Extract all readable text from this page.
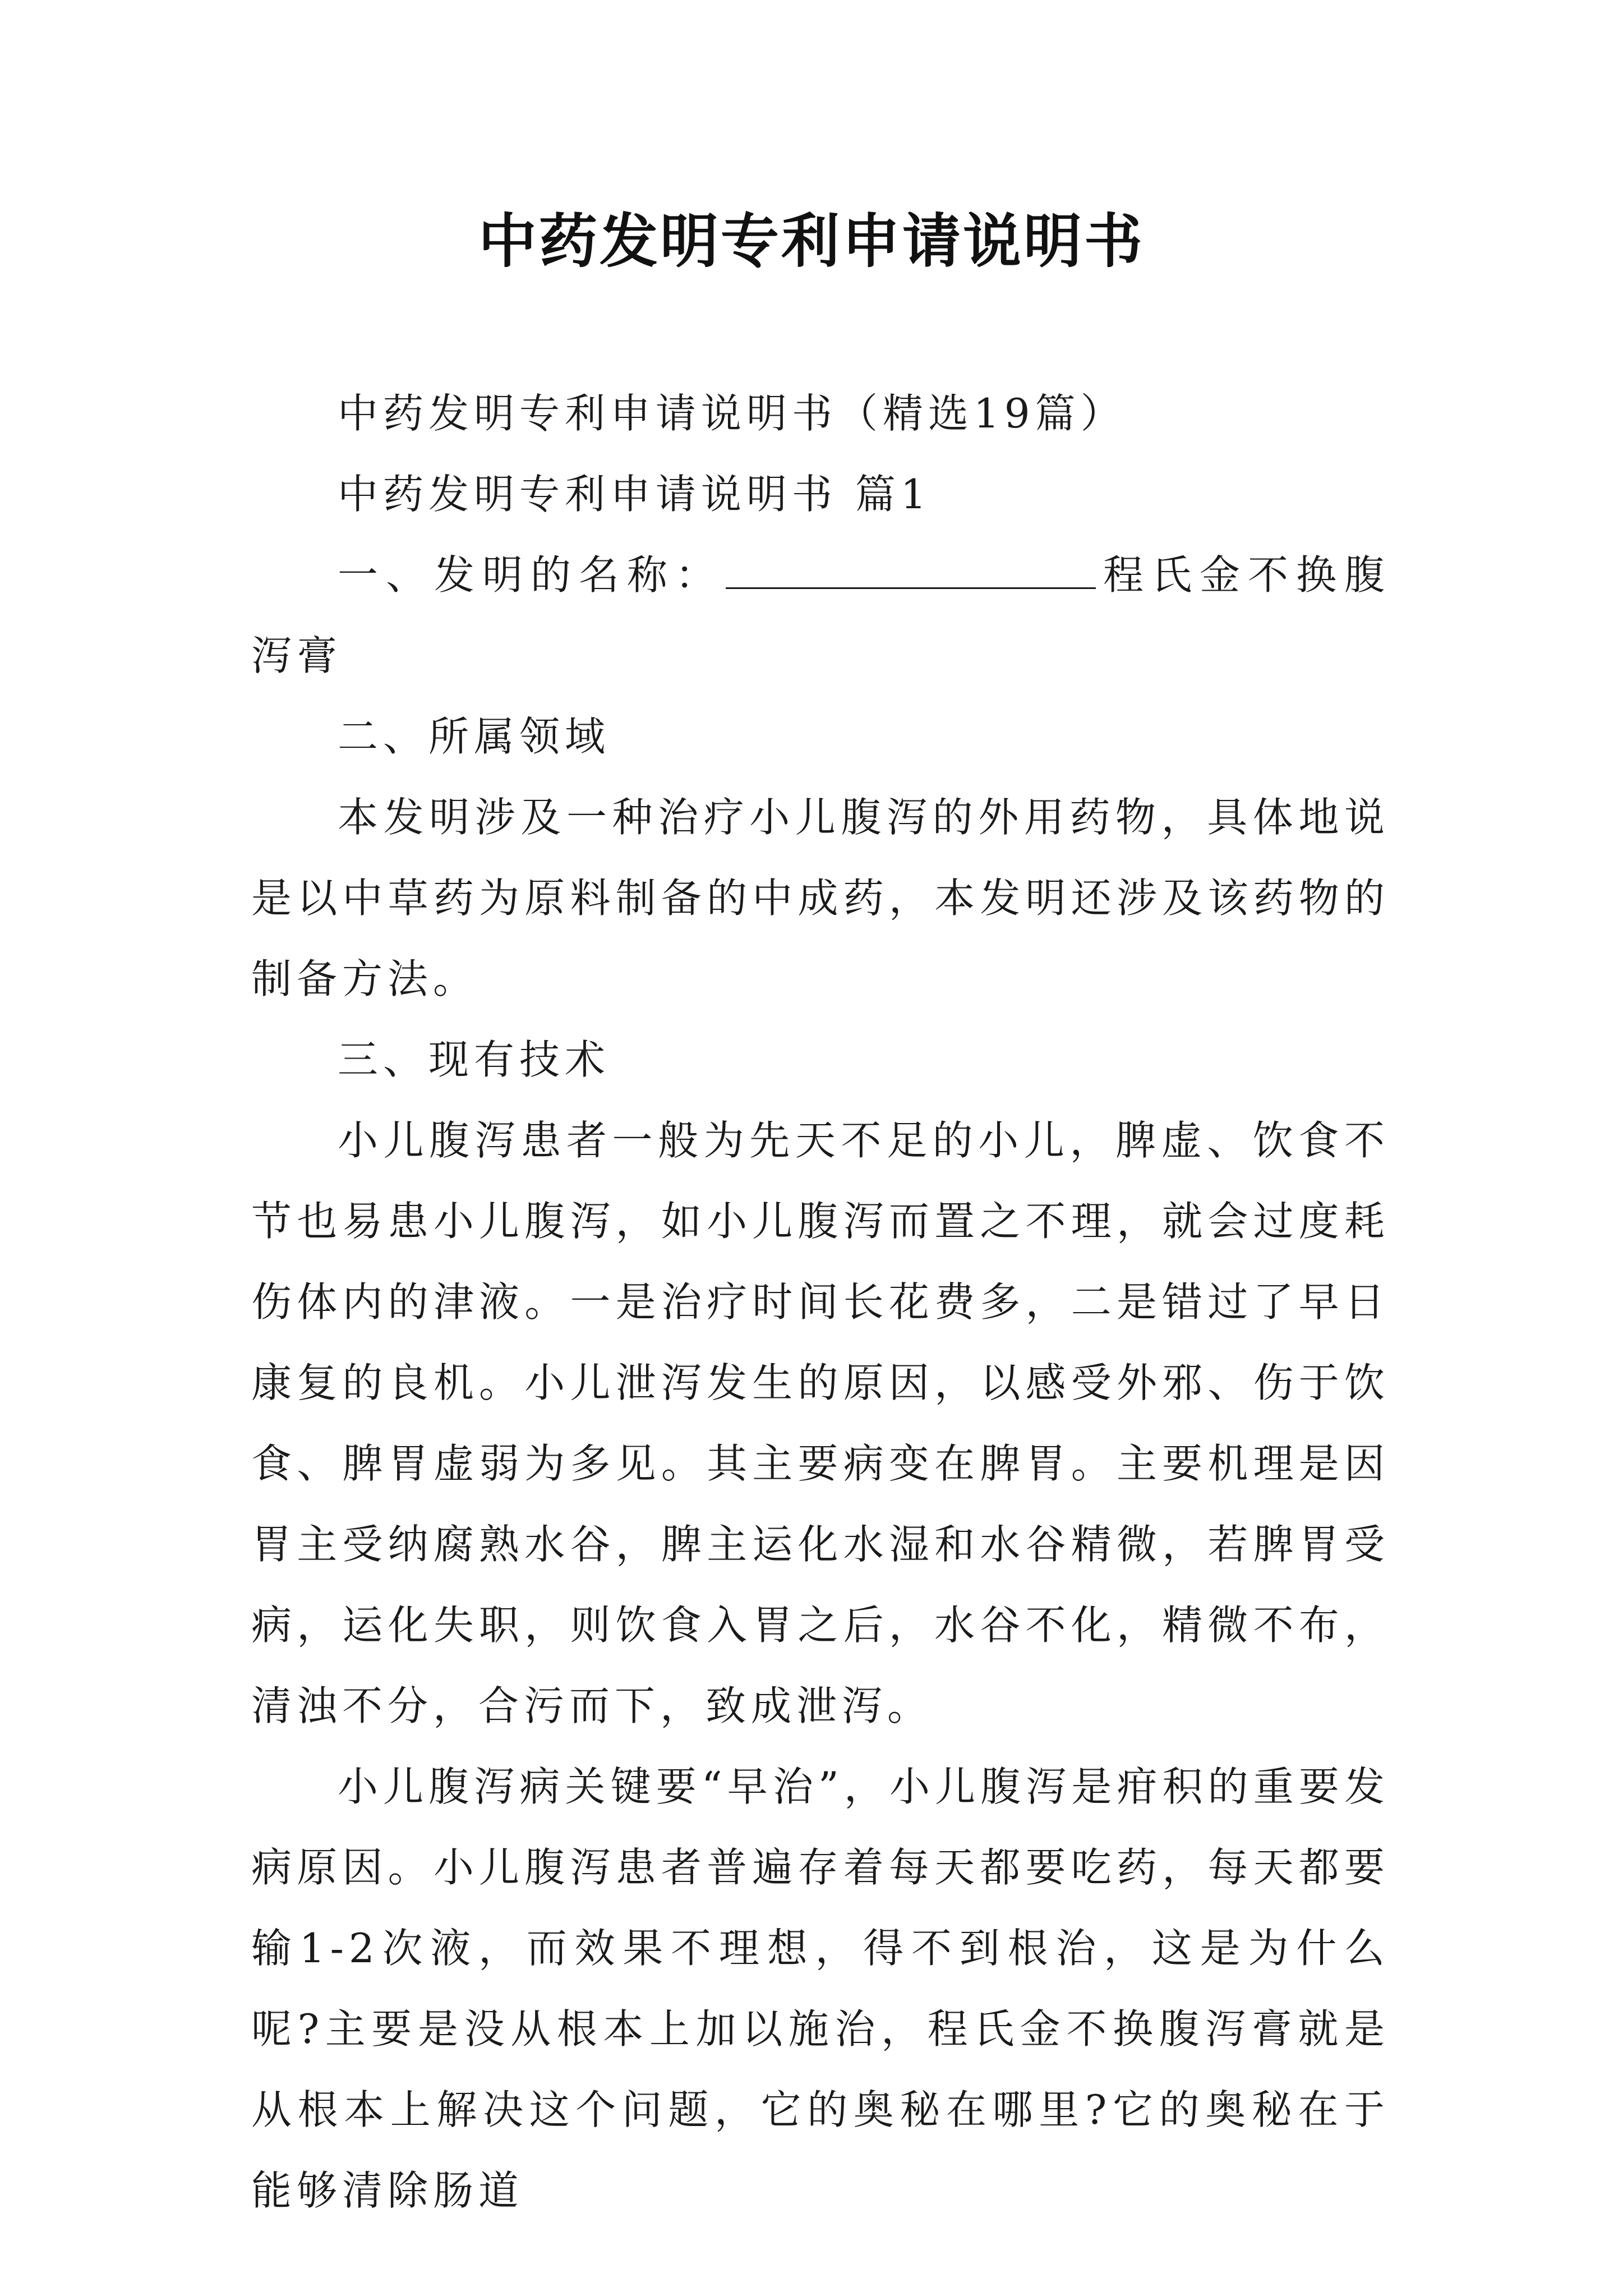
中药发明专利申请说明书

中药发明专利申请说明书（精选19篇）

中药发明专利申请说明书 篇1

一、发明的名称：	程氏金不换腹泻膏

二、所属领域

本发明涉及一种治疗小儿腹泻的外用药物，具体地说是以中草药为原料制备的中成药，本发明还涉及该药物的制备方法。

三、现有技术

小儿腹泻患者一般为先天不足的小儿，脾虚、饮食不节也易患小儿腹泻，如小儿腹泻而置之不理，就会过度耗伤体内的津液。一是治疗时间长花费多，二是错过了早日康复的良机。小儿泄泻发生的原因，以感受外邪、伤于饮食、脾胃虚弱为多见。其主要病变在脾胃。主要机理是因胃主受纳腐熟水谷，脾主运化水湿和水谷精微，若脾胃受病，运化失职，则饮食入胃之后，水谷不化，精微不布，清浊不分，合污而下，致成泄泻。

小儿腹泻病关键要“早治”，小儿腹泻是疳积的重要发病原因。小儿腹泻患者普遍存着每天都要吃药，每天都要输1-2次液，而效果不理想，得不到根治，这是为什么呢?主要是没从根本上加以施治，程氏金不换腹泻膏就是从根本上解决这个问题，它的奥秘在哪里?它的奥秘在于能够清除肠道
